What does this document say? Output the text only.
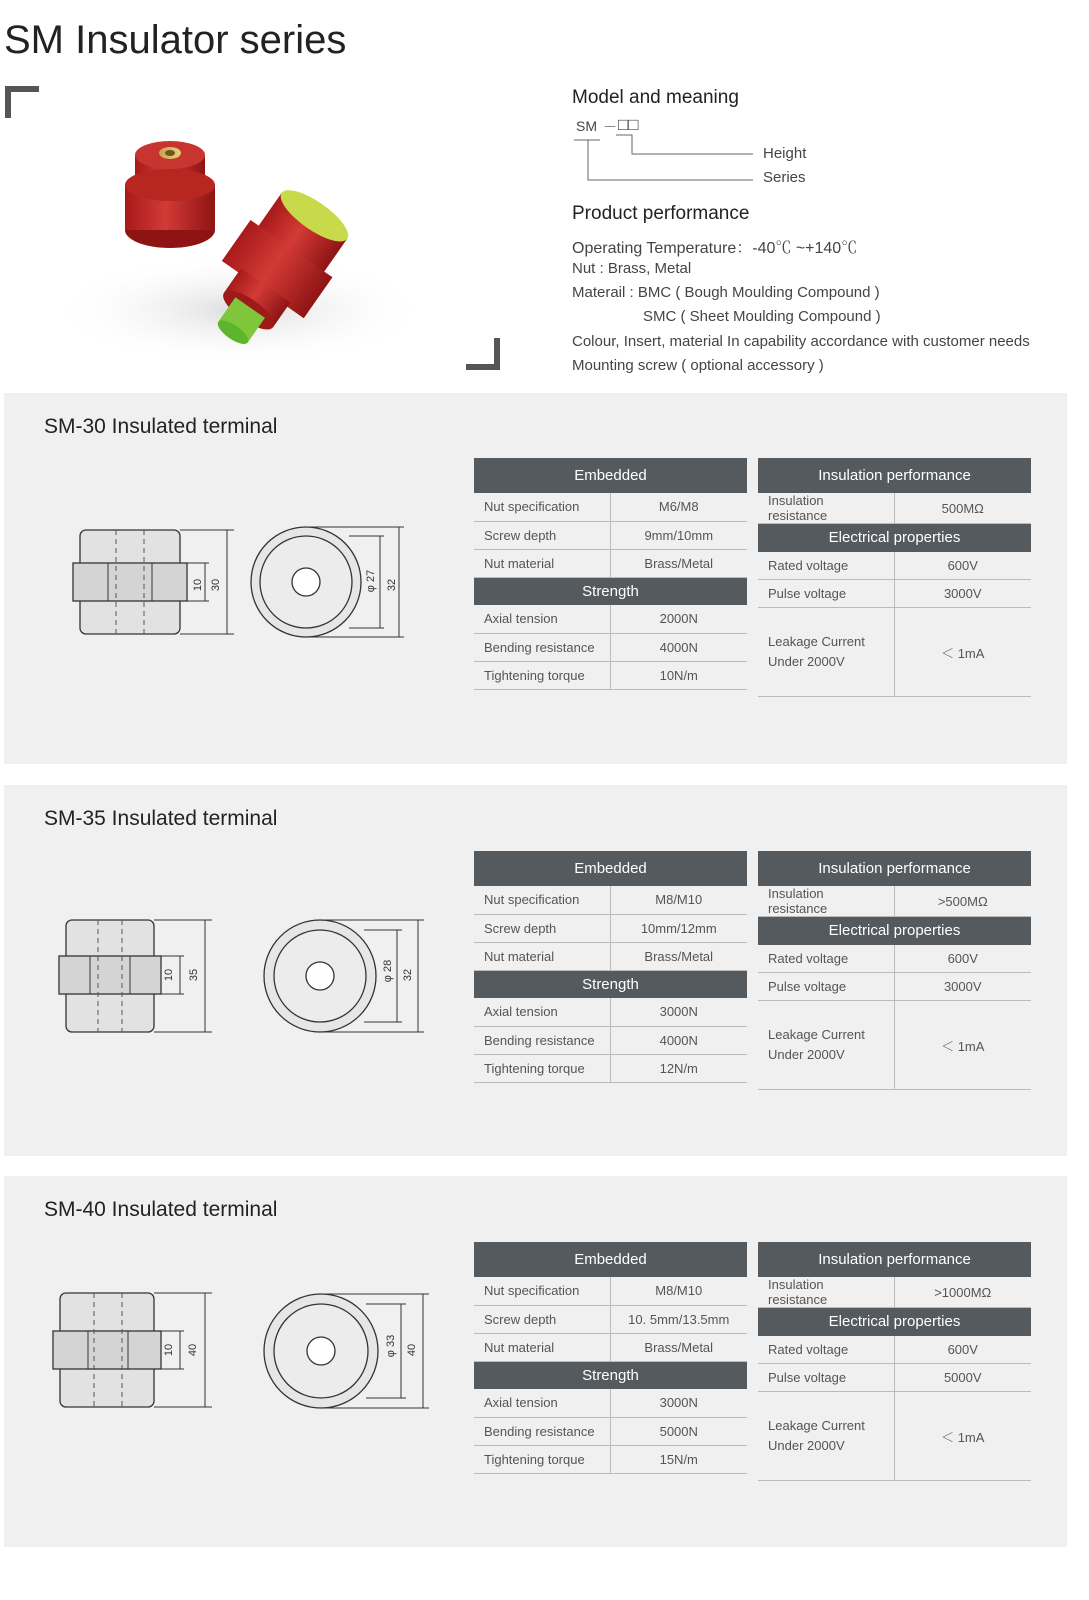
SM Insulator series
Model and meaning
SM － □□
Height
Series
Product performance
Operating Temperature：-40℃ ~+140℃
Nut : Brass, Metal
Materail : BMC ( Bough Moulding Compound )
SMC ( Sheet Moulding Compound )
Colour, Insert, material In capability accordance with customer needs
Mounting screw ( optional accessory )
SM-30 Insulated terminal
10 30	φ 27 32
Embedded	
Nut specification	M6/M8
Screw depth	9mm/10mm
Nut material	Brass/Metal
Strength	
Axial tension	2000N
Bending resistance	4000N
Tightening torque	10N/m
Insulation performance	
Insulation resistance	500MΩ
Electrical properties	
Rated voltage	600V
Pulse voltage	3000V
Leakage Current
Under 2000V	＜ 1mA
SM-35 Insulated terminal
10 35	φ 28 32
Embedded	
Nut specification	M8/M10
Screw depth	10mm/12mm
Nut material	Brass/Metal
Strength	
Axial tension	3000N
Bending resistance	4000N
Tightening torque	12N/m
Insulation performance	
Insulation resistance	>500MΩ
Electrical properties	
Rated voltage	600V
Pulse voltage	3000V
Leakage Current
Under 2000V	＜ 1mA
SM-40 Insulated terminal
10 40	φ 33 40
Embedded	
Nut specification	M8/M10
Screw depth	10. 5mm/13.5mm
Nut material	Brass/Metal
Strength	
Axial tension	3000N
Bending resistance	5000N
Tightening torque	15N/m
Insulation performance	
Insulation resistance	>1000MΩ
Electrical properties	
Rated voltage	600V
Pulse voltage	5000V
Leakage Current
Under 2000V	＜ 1mA
